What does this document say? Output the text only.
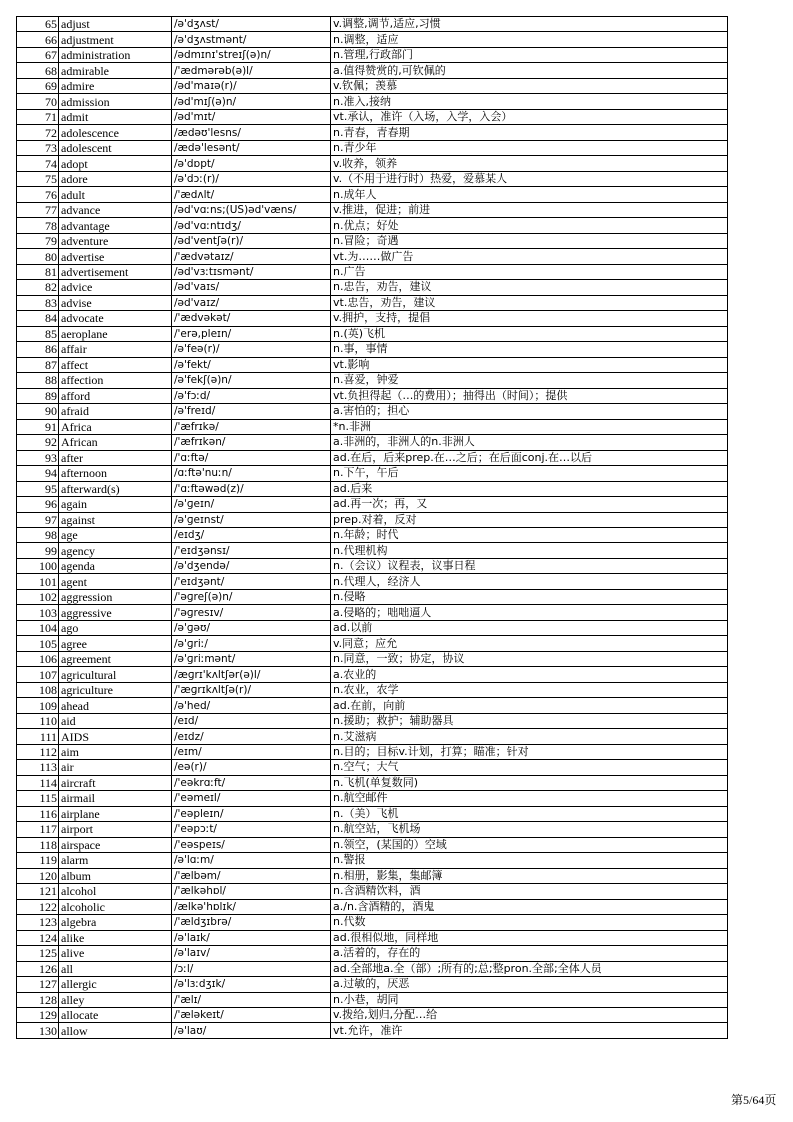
65	adjust	/ə'dʒʌst/	v.调整,调节,适应,习惯
66	adjustment	/ə'dʒʌstmənt/	n.调整，适应
67	administration	/ədmɪnɪ'streɪʃ(ə)n/	n.管理,行政部门
68	admirable	/'ædmərəb(ə)l/	a.值得赞赏的,可钦佩的
69	admire	/əd'maɪə(r)/	v.钦佩；羡慕
70	admission	/əd'mɪʃ(ə)n/	n.准入,接纳
71	admit	/əd'mɪt/	vt.承认，准许（入场，入学，入会）
72	adolescence	/ædəʊ'lesns/	n.青春，青春期
73	adolescent	/ædə'lesənt/	n.青少年
74	adopt	/ə'dɒpt/	v.收养，领养
75	adore	/ə'dɔː(r)/	v.（不用于进行时）热爱，爱慕某人
76	adult	/'ædʌlt/	n.成年人
77	advance	/əd'vɑːns;(US)əd'væns/	v.推进，促进；前进
78	advantage	/əd'vɑːntɪdʒ/	n.优点；好处
79	adventure	/əd'ventʃə(r)/	n.冒险；奇遇
80	advertise	/'ædvətaɪz/	vt.为……做广告
81	advertisement	/əd'vɜːtɪsmənt/	n.广告
82	advice	/əd'vaɪs/	n.忠告，劝告，建议
83	advise	/əd'vaɪz/	vt.忠告，劝告，建议
84	advocate	/'ædvəkət/	v.拥护，支持，提倡
85	aeroplane	/'erə,pleɪn/	n.(英)飞机
86	affair	/ə'feə(r)/	n.事，事情
87	affect	/ə'fekt/	vt.影响
88	affection	/ə'fekʃ(ə)n/	n.喜爱，钟爱
89	afford	/ə'fɔːd/	vt.负担得起（…的费用）；抽得出（时间）；提供
90	afraid	/ə'freɪd/	a.害怕的；担心
91	Africa	/'æfrɪkə/	*n.非洲
92	African	/'æfrɪkən/	a.非洲的，非洲人的n.非洲人
93	after	/'ɑːftə/	ad.在后，后来prep.在…之后；在后面conj.在…以后
94	afternoon	/ɑːftə'nuːn/	n.下午，午后
95	afterward(s)	/'ɑːftəwəd(z)/	ad.后来
96	again	/ə'ɡeɪn/	ad.再一次；再，又
97	against	/ə'ɡeɪnst/	prep.对着，反对
98	age	/eɪdʒ/	n.年龄；时代
99	agency	/'eɪdʒənsɪ/	n.代理机构
100	agenda	/ə'dʒendə/	n.（会议）议程表，议事日程
101	agent	/'eɪdʒənt/	n.代理人，经济人
102	aggression	/'əɡreʃ(ə)n/	n.侵略
103	aggressive	/'əɡresɪv/	a.侵略的；咄咄逼人
104	ago	/ə'ɡəʊ/	ad.以前
105	agree	/ə'ɡriː/	v.同意；应允
106	agreement	/ə'ɡriːmənt/	n.同意，一致；协定，协议
107	agricultural	/æɡrɪ'kʌltʃər(ə)l/	a.农业的
108	agriculture	/'æɡrɪkʌltʃə(r)/	n.农业，农学
109	ahead	/ə'hed/	ad.在前，向前
110	aid	/eɪd/	n.援助；救护；辅助器具
111	AIDS	/eɪdz/	n.艾滋病
112	aim	/eɪm/	n.目的；目标v.计划，打算；瞄准；针对
113	air	/eə(r)/	n.空气；大气
114	aircraft	/'eəkrɑːft/	n.飞机(单复数同)
115	airmail	/'eəmeɪl/	n.航空邮件
116	airplane	/'eəpleɪn/	n.（美）飞机
117	airport	/'eəpɔːt/	n.航空站，飞机场
118	airspace	/'eəspeɪs/	n.领空，(某国的）空域
119	alarm	/ə'lɑːm/	n.警报
120	album	/'ælbəm/	n.相册，影集，集邮簿
121	alcohol	/'ælkəhɒl/	n.含酒精饮料，酒
122	alcoholic	/ælkə'hɒlɪk/	a./n.含酒精的，酒鬼
123	algebra	/'ældʒɪbrə/	n.代数
124	alike	/ə'laɪk/	ad.很相似地，同样地
125	alive	/ə'laɪv/	a.活着的，存在的
126	all	/ɔːl/	ad.全部地a.全（部）;所有的;总;整pron.全部;全体人员
127	allergic	/ə'lɜːdʒɪk/	a.过敏的，厌恶
128	alley	/'ælɪ/	n.小巷，胡同
129	allocate	/'æləkeɪt/	v.拨给,划归,分配…给
130	allow	/ə'laʊ/	vt.允许，准许
第5/64页
